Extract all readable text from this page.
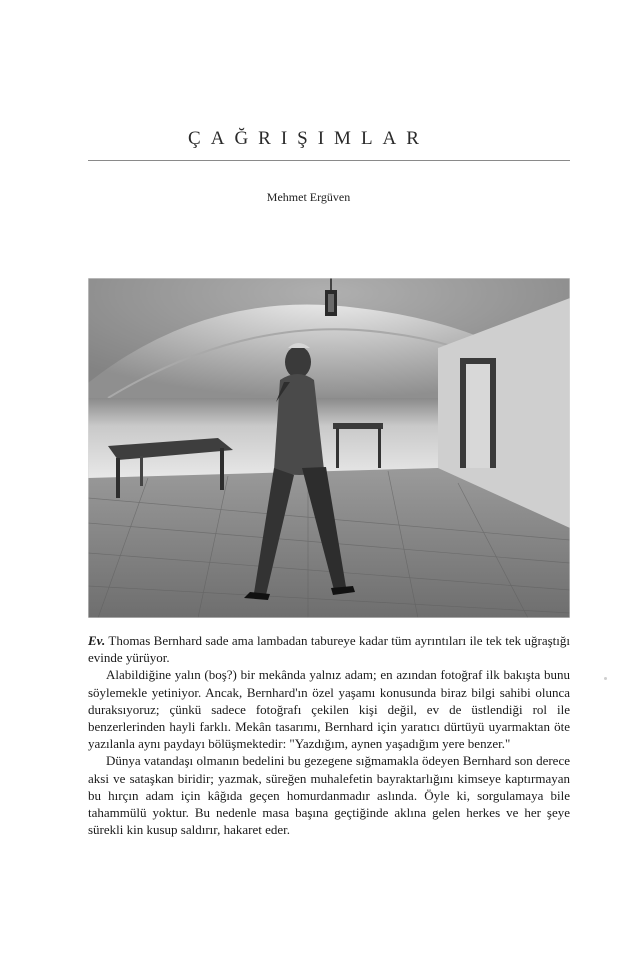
ÇAĞRIŞIMLAR
Mehmet Ergüven

Ev. Thomas Bernhard sade ama lambadan tabureye kadar tüm ayrıntıları ile tek tek uğraştığı evinde yürüyor.

Alabildiğine yalın (boş?) bir mekânda yalnız adam; en azından fotoğraf ilk bakışta bunu söylemekle yetiniyor. Ancak, Bernhard'ın özel yaşamı konusunda biraz bilgi sahibi olunca duraksıyoruz; çünkü sadece fotoğrafı çekilen kişi değil, ev de üstlendiği rol ile benzerlerinden hayli farklı. Mekân tasarımı, Bernhard için yaratıcı dürtüyü uyarmaktan öte yazılanla aynı paydayı bölüşmektedir: "Yazdığım, aynen yaşadığım yere benzer."

Dünya vatandaşı olmanın bedelini bu gezegene sığmamakla ödeyen Bernhard son derece aksi ve sataşkan biridir; yazmak, süreğen muhalefetin bayraktarlığını kimseye kaptırmayan bu hırçın adam için kâğıda geçen homurdanmadır aslında. Öyle ki, sorgulamaya bile tahammülü yoktur. Bu nedenle masa başına geçtiğinde aklına gelen herkes ve her şeye sürekli kin kusup saldırır, hakaret eder.
